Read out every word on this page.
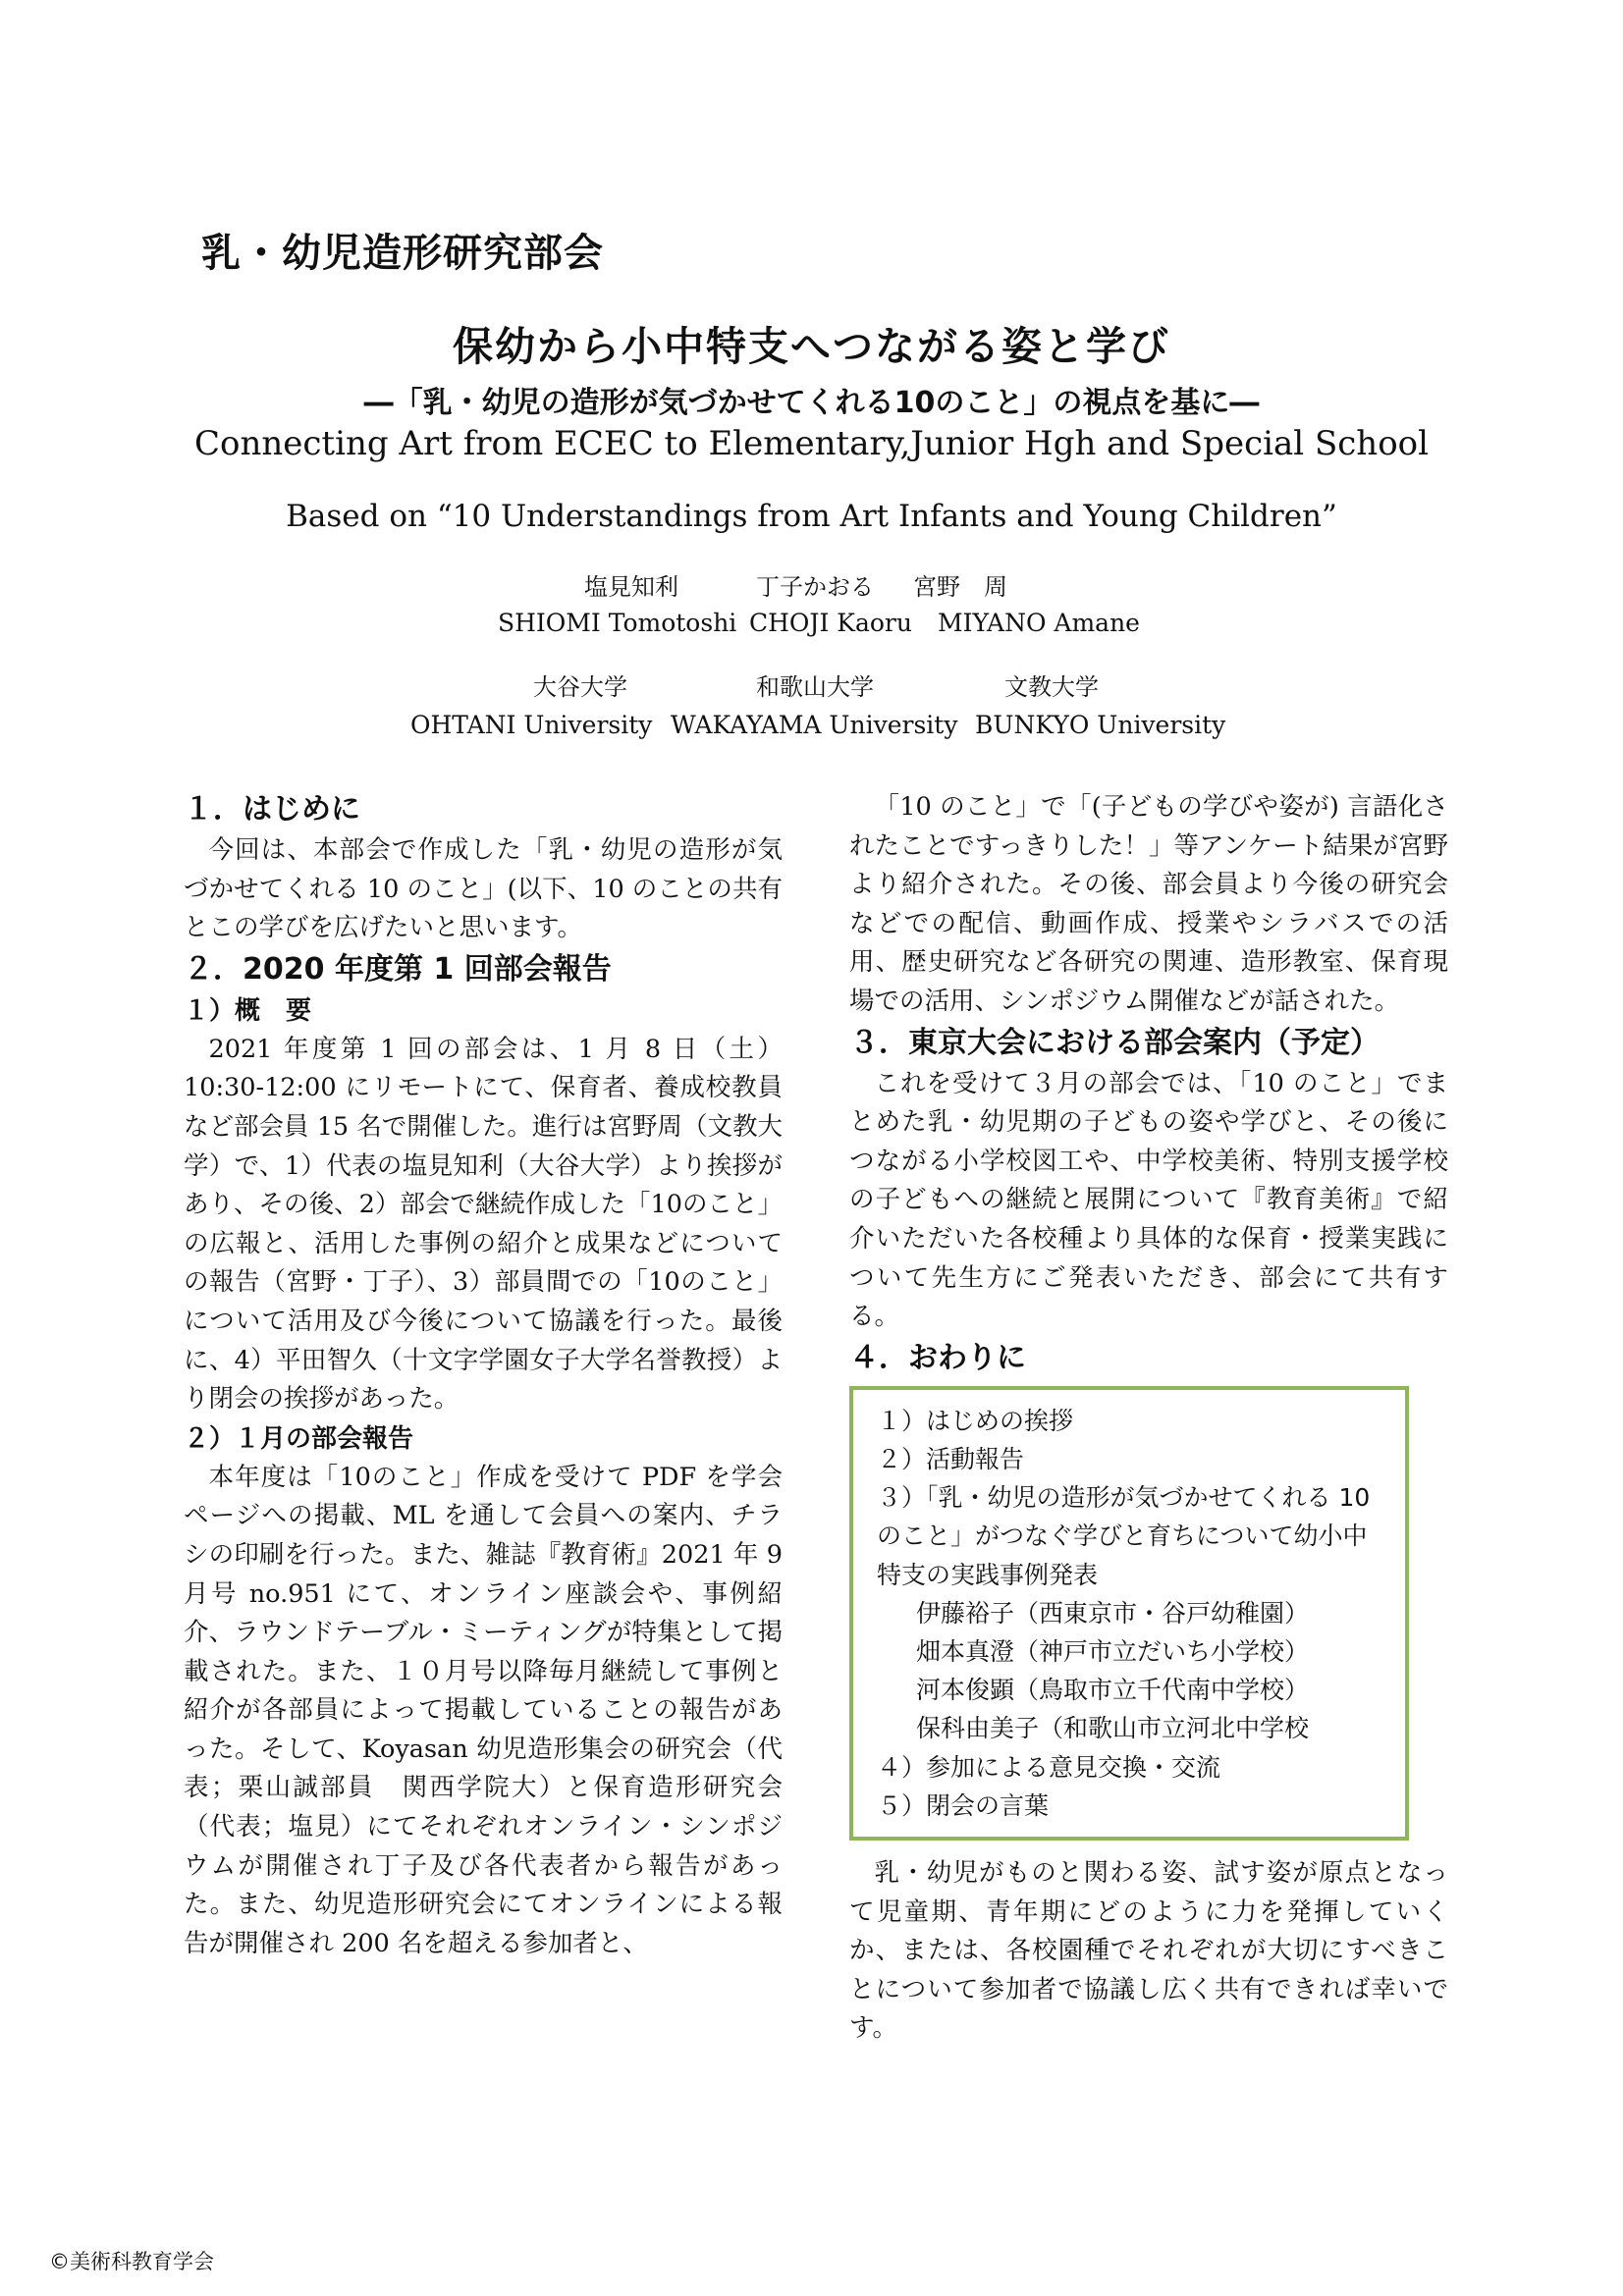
乳・幼児造形研究部会
保幼から小中特支へつながる姿と学び
―「乳・幼児の造形が気づかせてくれる10のこと」の視点を基に―
Connecting Art from ECEC to Elementary,Junior Hgh and Special School
Based on “10 Understandings from Art Infants and Young Children”
塩見知利	丁子かおる 宮野　周
SHIOMI Tomotoshi CHOJI Kaoru MIYANO Amane
大谷大学	和歌山大学	文教大学
OHTANI University WAKAYAMA University BUNKYO University
１．はじめに

今回は、本部会で作成した「乳・幼児の造形が気づかせてくれる 10 のこと」(以下、10 のことの共有とこの学びを広げたいと思います。

２．2020 年度第 1 回部会報告
１）概　要

2021 年度第 1 回の部会は、1 月 8 日（土）10:30-12:00 にリモートにて、保育者、養成校教員など部会員 15 名で開催した。進行は宮野周（文教大学）で、1）代表の塩見知利（大谷大学）より挨拶があり、その後、2）部会で継続作成した「10のこと」の広報と、活用した事例の紹介と成果などについての報告（宮野・丁子）、3）部員間での「10のこと」について活用及び今後について協議を行った。最後に、4）平田智久（十文字学園女子大学名誉教授）より閉会の挨拶があった。

２）１月の部会報告

本年度は「10のこと」作成を受けて PDF を学会ページへの掲載、ML を通して会員への案内、チラシの印刷を行った。また、雑誌『教育術』2021 年 9 月号 no.951 にて、オンライン座談会や、事例紹介、ラウンドテーブル・ミーティングが特集として掲載された。また、１０月号以降毎月継続して事例と紹介が各部員によって掲載していることの報告があった。そして、Koyasan 幼児造形集会の研究会（代表；栗山誠部員　関西学院大）と保育造形研究会（代表；塩見）にてそれぞれオンライン・シンポジウムが開催され丁子及び各代表者から報告があった。また、幼児造形研究会にてオンラインによる報告が開催され 200 名を超える参加者と、

「10 のこと」で「(子どもの学びや姿が) 言語化されたことですっきりした！」等アンケート結果が宮野より紹介された。その後、部会員より今後の研究会などでの配信、動画作成、授業やシラバスでの活用、歴史研究など各研究の関連、造形教室、保育現場での活用、シンポジウム開催などが話された。

３．東京大会における部会案内（予定）

これを受けて３月の部会では、「10 のこと」でまとめた乳・幼児期の子どもの姿や学びと、その後につながる小学校図工や、中学校美術、特別支援学校の子どもへの継続と展開について『教育美術』で紹介いただいた各校種より具体的な保育・授業実践について先生方にご発表いただき、部会にて共有する。

４．おわりに
１）はじめの挨拶
２）活動報告
３）「乳・幼児の造形が気づかせてくれる 10 のこと」がつなぐ学びと育ちについて幼小中特支の実践事例発表
伊藤裕子（西東京市・谷戸幼稚園）
畑本真澄（神戸市立だいち小学校）
河本俊顕（鳥取市立千代南中学校）
保科由美子（和歌山市立河北中学校
４）参加による意見交換・交流
５）閉会の言葉

乳・幼児がものと関わる姿、試す姿が原点となって児童期、青年期にどのように力を発揮していくか、または、各校園種でそれぞれが大切にすべきことについて参加者で協議し広く共有できれば幸いです。

©美術科教育学会
